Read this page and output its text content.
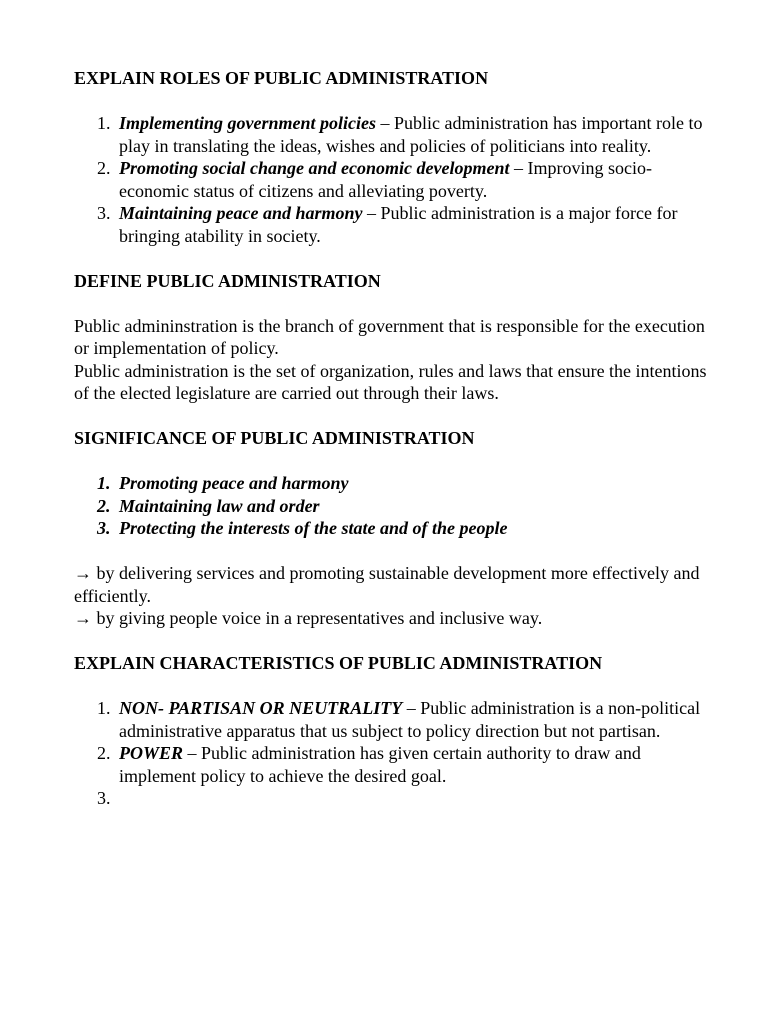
EXPLAIN ROLES OF PUBLIC ADMINISTRATION
1. Implementing government policies – Public administration has important role to play in translating the ideas, wishes and policies of politicians into reality.
2. Promoting social change and economic development – Improving socio-economic status of citizens and alleviating poverty.
3. Maintaining peace and harmony – Public administration is a major force for bringing atability in society.
DEFINE PUBLIC ADMINISTRATION

Public admininstration is the branch of government that is responsible for the execution or implementation of policy.

Public administration is the set of organization, rules and laws that ensure the intentions of the elected legislature are carried out through their laws.

SIGNIFICANCE OF PUBLIC ADMINISTRATION
1. Promoting peace and harmony
2. Maintaining law and order
3. Protecting the interests of the state and of the people

→ by delivering services and promoting sustainable development more effectively and efficiently.

→ by giving people voice in a representatives and inclusive way.

EXPLAIN CHARACTERISTICS OF PUBLIC ADMINISTRATION
1. NON- PARTISAN OR NEUTRALITY – Public administration is a non-political administrative apparatus that us subject to policy direction but not partisan.
2. POWER – Public administration has given certain authority to draw and implement policy to achieve the desired goal.
3.
